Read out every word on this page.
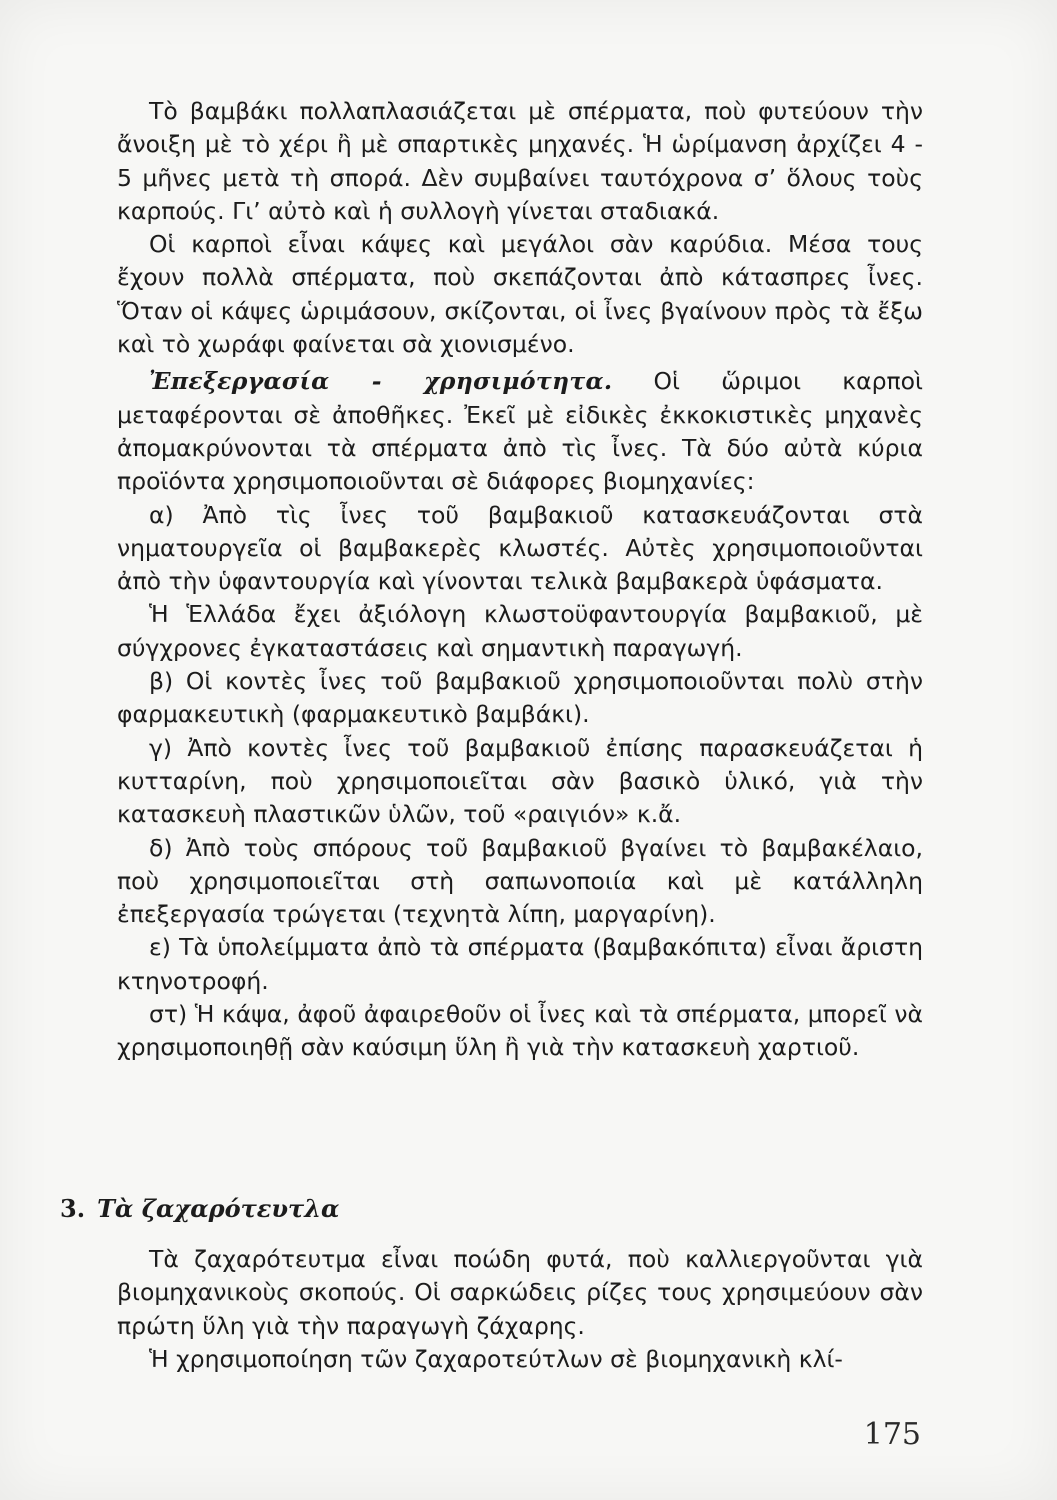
Τὸ βαμβάκι πολλαπλασιάζεται μὲ σπέρματα, ποὺ φυτεύουν τὴν ἄνοιξη μὲ τὸ χέρι ἢ μὲ σπαρτικὲς μηχανές. Ἡ ὡρίμανση ἀρχίζει 4 - 5 μῆνες μετὰ τὴ σπορά. Δὲν συμβαίνει ταυτόχρονα σ’ ὅλους τοὺς καρπούς. Γι’ αὐτὸ καὶ ἡ συλλογὴ γίνεται σταδιακά.

Οἱ καρποὶ εἶναι κάψες καὶ μεγάλοι σὰν καρύδια. Μέσα τους ἔχουν πολλὰ σπέρματα, ποὺ σκεπάζονται ἀπὸ κάτασπρες ἶνες. Ὅταν οἱ κάψες ὡριμάσουν, σκίζονται, οἱ ἶνες βγαίνουν πρὸς τὰ ἔξω καὶ τὸ χωράφι φαίνεται σὰ χιονισμένο.

Ἐπεξεργασία - χρησιμότητα. Οἱ ὥριμοι καρποὶ μεταφέρονται σὲ ἀποθῆκες. Ἐκεῖ μὲ εἰδικὲς ἐκκοκιστικὲς μηχανὲς ἀπομακρύνονται τὰ σπέρματα ἀπὸ τὶς ἶνες. Τὰ δύο αὐτὰ κύρια προϊόντα χρησιμοποιοῦνται σὲ διάφορες βιομηχανίες:

α) Ἀπὸ τὶς ἶνες τοῦ βαμβακιοῦ κατασκευάζονται στὰ νηματουργεῖα οἱ βαμβακερὲς κλωστές. Αὐτὲς χρησιμοποιοῦνται ἀπὸ τὴν ὑφαντουργία καὶ γίνονται τελικὰ βαμβακερὰ ὑφάσματα.

Ἡ Ἑλλάδα ἔχει ἀξιόλογη κλωστοϋφαντουργία βαμβακιοῦ, μὲ σύγχρονες ἐγκαταστάσεις καὶ σημαντικὴ παραγωγή.

β) Οἱ κοντὲς ἶνες τοῦ βαμβακιοῦ χρησιμοποιοῦνται πολὺ στὴν φαρμακευτικὴ (φαρμακευτικὸ βαμβάκι).

γ) Ἀπὸ κοντὲς ἶνες τοῦ βαμβακιοῦ ἐπίσης παρασκευάζεται ἡ κυτταρίνη, ποὺ χρησιμοποιεῖται σὰν βασικὸ ὑλικό, γιὰ τὴν κατασκευὴ πλαστικῶν ὑλῶν, τοῦ «ραιγιόν» κ.ἄ.

δ) Ἀπὸ τοὺς σπόρους τοῦ βαμβακιοῦ βγαίνει τὸ βαμβακέλαιο, ποὺ χρησιμοποιεῖται στὴ σαπωνοποιία καὶ μὲ κατάλληλη ἐπεξεργασία τρώγεται (τεχνητὰ λίπη, μαργαρίνη).

ε) Τὰ ὑπολείμματα ἀπὸ τὰ σπέρματα (βαμβακόπιτα) εἶναι ἄριστη κτηνοτροφή.

στ) Ἡ κάψα, ἀφοῦ ἀφαιρεθοῦν οἱ ἶνες καὶ τὰ σπέρματα, μπορεῖ νὰ χρησιμοποιηθῇ σὰν καύσιμη ὕλη ἢ γιὰ τὴν κατασκευὴ χαρτιοῦ.

3. Τὰ ζαχαρότευτλα

Τὰ ζαχαρότευτμα εἶναι ποώδη φυτά, ποὺ καλλιεργοῦνται γιὰ βιομηχανικοὺς σκοπούς. Οἱ σαρκώδεις ρίζες τους χρησιμεύουν σὰν πρώτη ὕλη γιὰ τὴν παραγωγὴ ζάχαρης.

Ἡ χρησιμοποίηση τῶν ζαχαροτεύτλων σὲ βιομηχανικὴ κλί-

175
